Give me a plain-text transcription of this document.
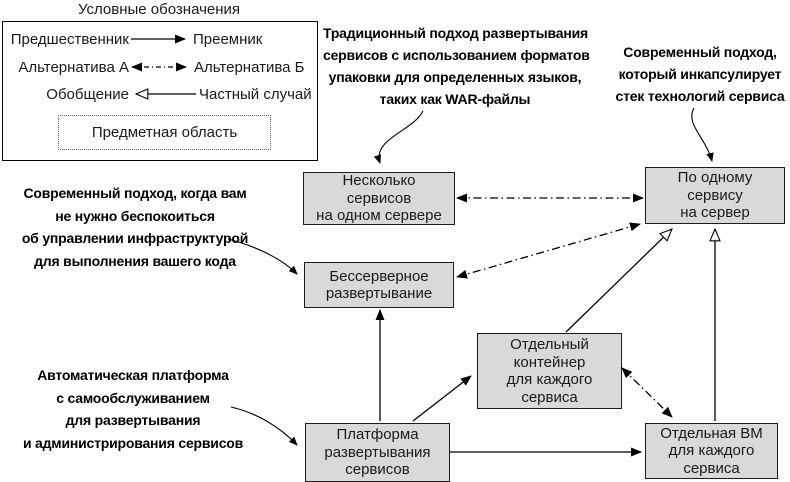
Условные обозначения
Предшественник	Преемник
Альтернатива А	Альтернатива Б
Обобщение	Частный случай
Предметная область
Традиционный подход развертывания
сервисов с использованием форматов
упаковки для определенных языков,
таких как WAR-файлы
Современный подход,
который инкапсулирует
стек технологий сервиса
Современный подход, когда вам
не нужно беспокоиться
об управлении инфраструктурой
для выполнения вашего кода
Автоматическая платформа
с самообслуживанием
для развертывания
и администрирования сервисов
Несколько
сервисов
на одном сервере
По одному
сервису
на сервер
Бессерверное
развертывание
Отдельный
контейнер
для каждого
сервиса
Платформа
развертывания
сервисов
Отдельная ВМ
для каждого
сервиса
